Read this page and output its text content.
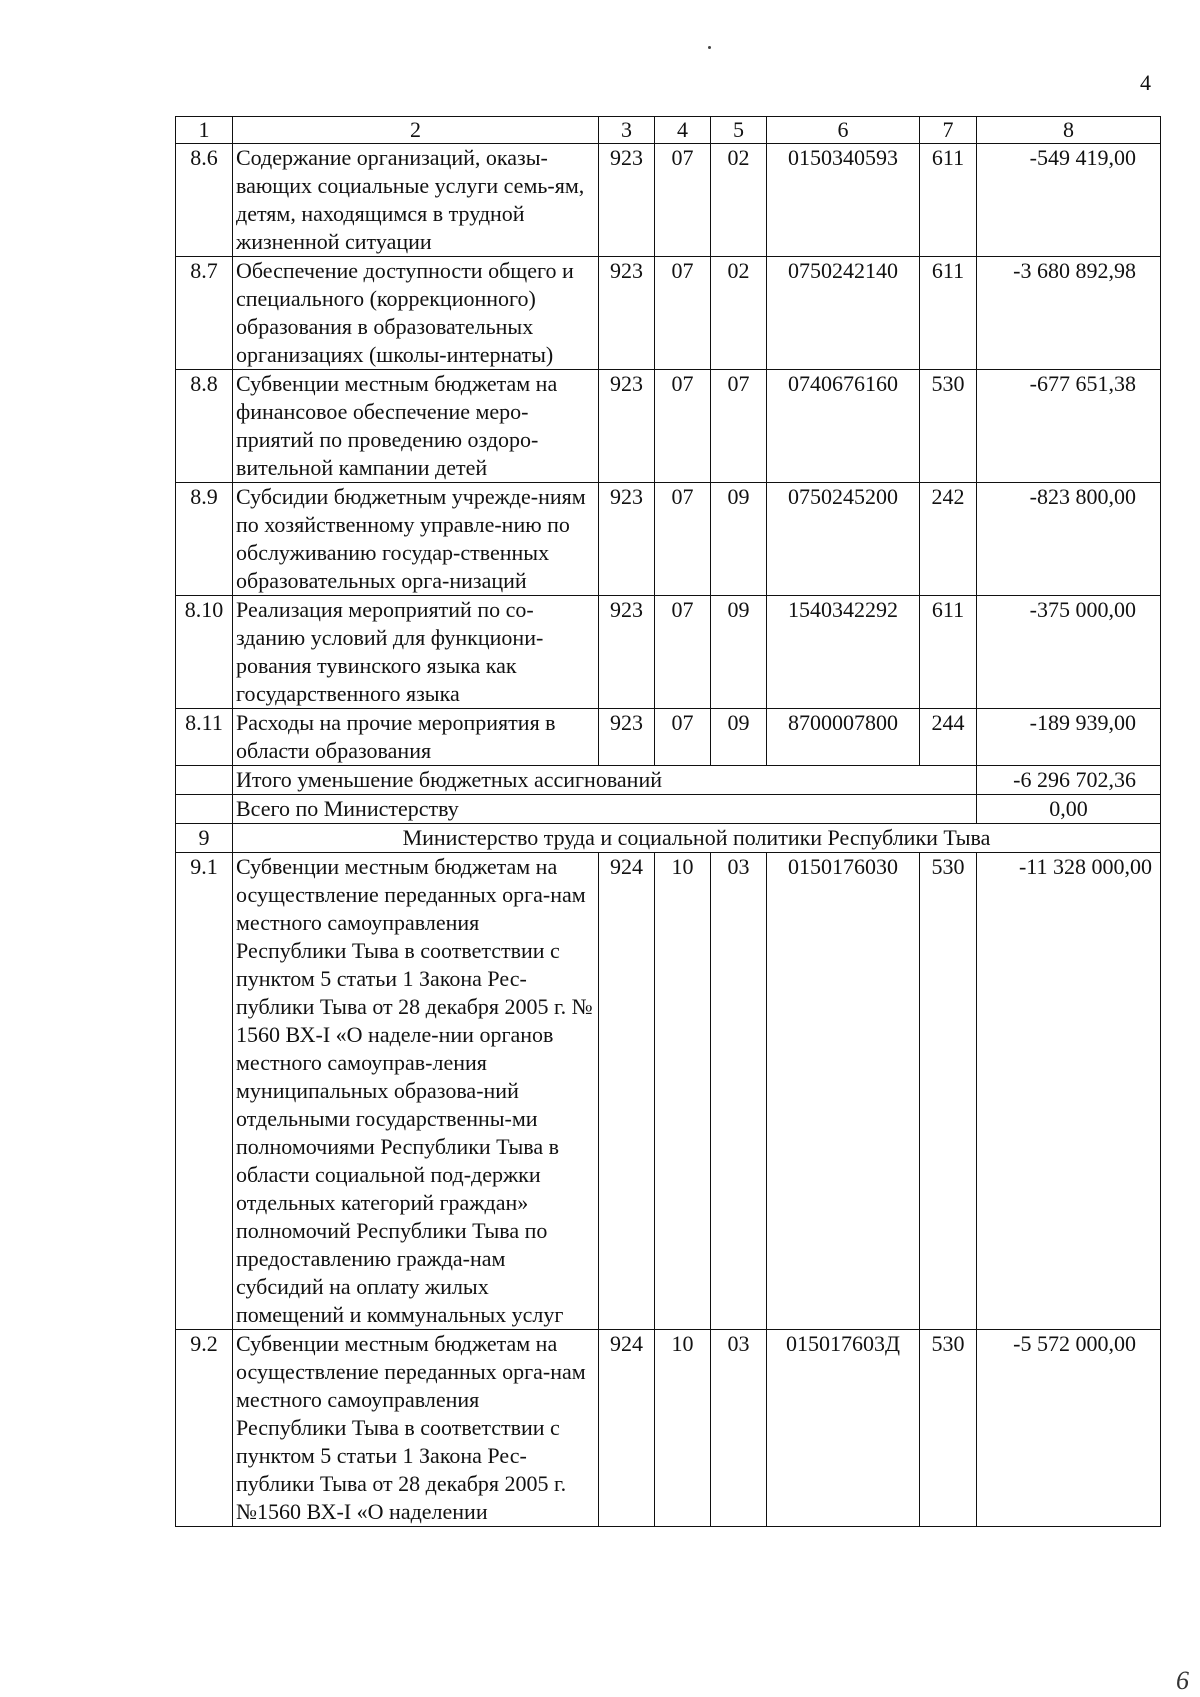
4
1	2	3	4	5	6	7	8
8.6	Содержание организаций, оказы-вающих социальные услуги семь-ям, детям, находящимся в трудной жизненной ситуации	923	07	02	0150340593	611	-549 419,00
8.7	Обеспечение доступности общего и специального (коррекционного) образования в образовательных организациях (школы-интернаты)	923	07	02	0750242140	611	-3 680 892,98
8.8	Субвенции местным бюджетам на финансовое обеспечение меро-приятий по проведению оздоро-вительной кампании детей	923	07	07	0740676160	530	-677 651,38
8.9	Субсидии бюджетным учрежде-ниям по хозяйственному управле-нию по обслуживанию государ-ственных образовательных орга-низаций	923	07	09	0750245200	242	-823 800,00
8.10	Реализация мероприятий по со-зданию условий для функциони-рования тувинского языка как государственного языка	923	07	09	1540342292	611	-375 000,00
8.11	Расходы на прочие мероприятия в области образования	923	07	09	8700007800	244	-189 939,00
	Итого уменьшение бюджетных ассигнований						-6 296 702,36
	Всего по Министерству						0,00
9	Министерство труда и социальной политики Республики Тыва						
9.1	Субвенции местным бюджетам на осуществление переданных орга-нам местного самоуправления Республики Тыва в соответствии с пунктом 5 статьи 1 Закона Рес-публики Тыва от 28 декабря 2005 г. № 1560 ВХ-I «О наделе-нии органов местного самоуправ-ления муниципальных образова-ний отдельными государственны-ми полномочиями Республики Тыва в области социальной под-держки отдельных категорий граждан» полномочий Республики Тыва по предоставлению гражда-нам субсидий на оплату жилых помещений и коммунальных услуг	924	10	03	0150176030	530	-11 328 000,00
9.2	Субвенции местным бюджетам на осуществление переданных орга-нам местного самоуправления Республики Тыва в соответствии с пунктом 5 статьи 1 Закона Рес-публики Тыва от 28 декабря 2005 г. №1560 ВХ-I «О наделении	924	10	03	015017603Д	530	-5 572 000,00
6
